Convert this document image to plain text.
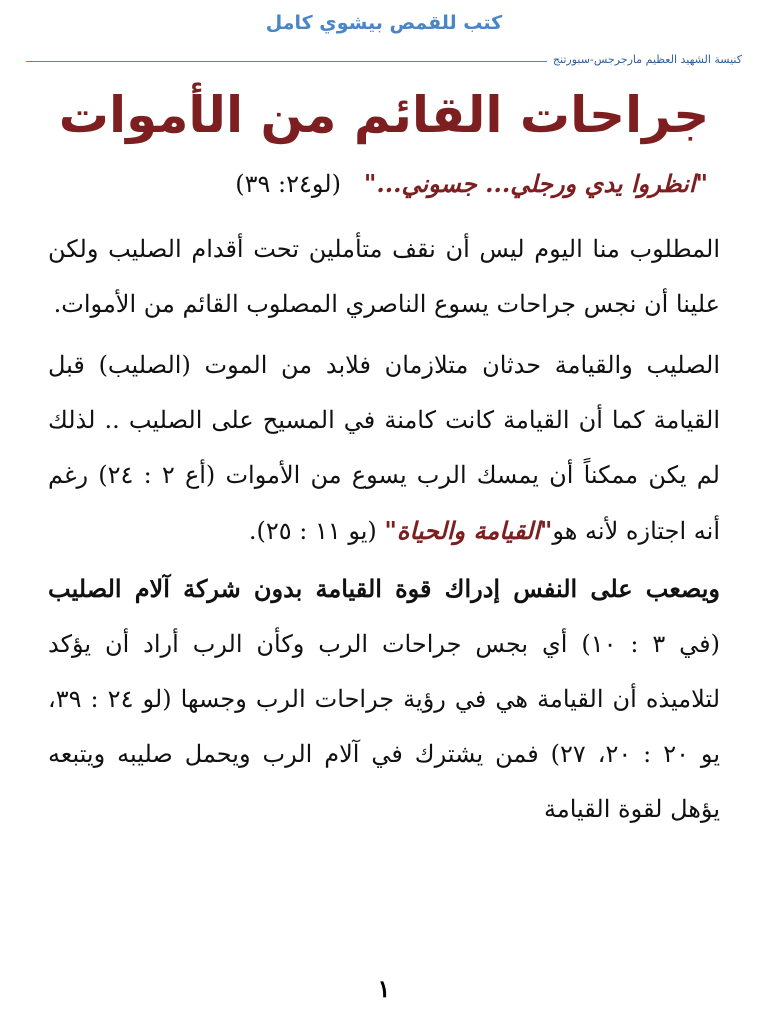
كتب للقمص بيشوي كامل
كنيسة الشهيد العظيم مارجرجس-سبورتنج
جراحات القائم من الأموات
"انظروا يدي ورجلي... جسوني..."   (لو٢٤: ٣٩)

المطلوب منا اليوم ليس أن نقف متأملين تحت أقدام الصليب ولكن علينا أن نجس جراحات يسوع الناصري المصلوب القائم من الأموات.

الصليب والقيامة حدثان متلازمان فلابد من الموت (الصليب) قبل القيامة كما أن القيامة كانت كامنة في المسيح على الصليب .. لذلك لم يكن ممكناً أن يمسك الرب يسوع من الأموات (أع ٢ : ٢٤) رغم أنه اجتازه لأنه هو"القيامة والحياة" (يو ١١ : ٢٥).

ويصعب على النفس إدراك قوة القيامة بدون شركة آلام الصليب (في ٣ : ١٠) أي بجس جراحات الرب وكأن الرب أراد أن يؤكد لتلاميذه أن القيامة هي في رؤية جراحات الرب وجسها (لو ٢٤ : ٣٩، يو ٢٠ : ٢٠، ٢٧) فمن يشترك في آلام الرب ويحمل صليبه ويتبعه يؤهل لقوة القيامة

١
